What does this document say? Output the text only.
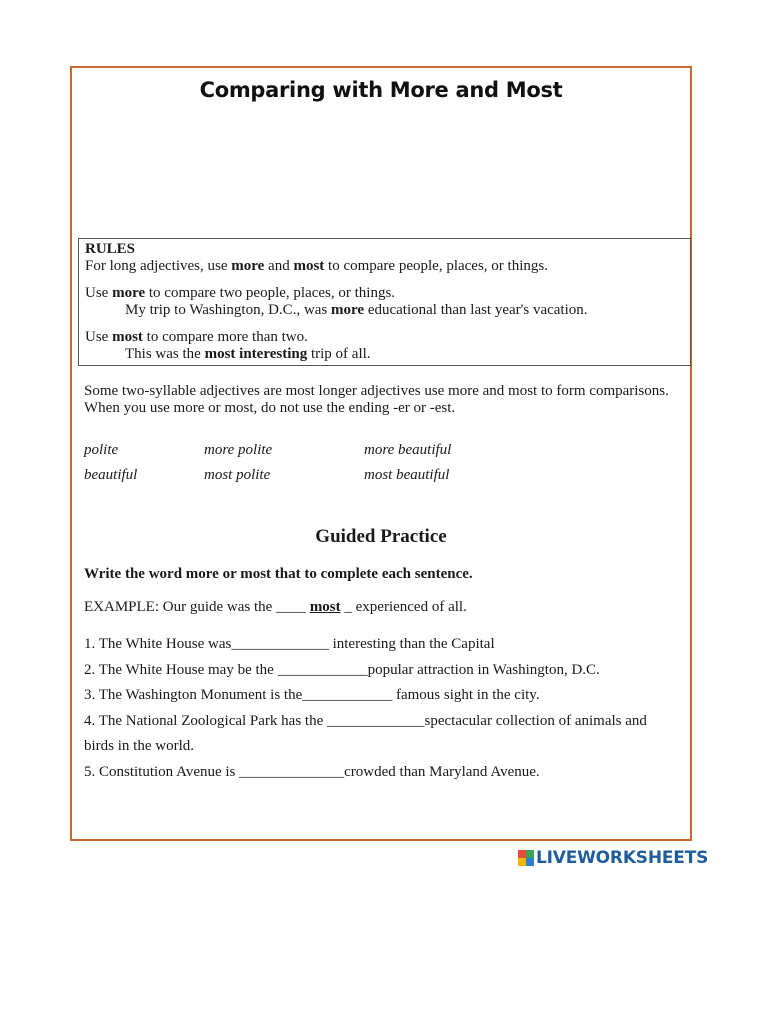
Comparing with More and Most
RULES
For long adjectives, use more and most to compare people, places, or things.
Use more to compare two people, places, or things.
My trip to Washington, D.C., was more educational than last year's vacation.
Use most to compare more than two.
This was the most interesting trip of all.
Some two-syllable adjectives are most longer adjectives use more and most to form comparisons. When you use more or most, do not use the ending -er or -est.
polite	more polite	more beautiful
beautiful	most polite	most beautiful
Guided Practice
Write the word more or most that to complete each sentence.
EXAMPLE: Our guide was the ____ most _ experienced of all.
1. The White House was_____________ interesting than the Capital
2. The White House may be the ____________popular attraction in Washington, D.C.
3. The Washington Monument is the____________ famous sight in the city.
4. The National Zoological Park has the _____________spectacular collection of animals and
birds in the world.
5. Constitution Avenue is ______________crowded than Maryland Avenue.
LIVEWORKSHEETS
